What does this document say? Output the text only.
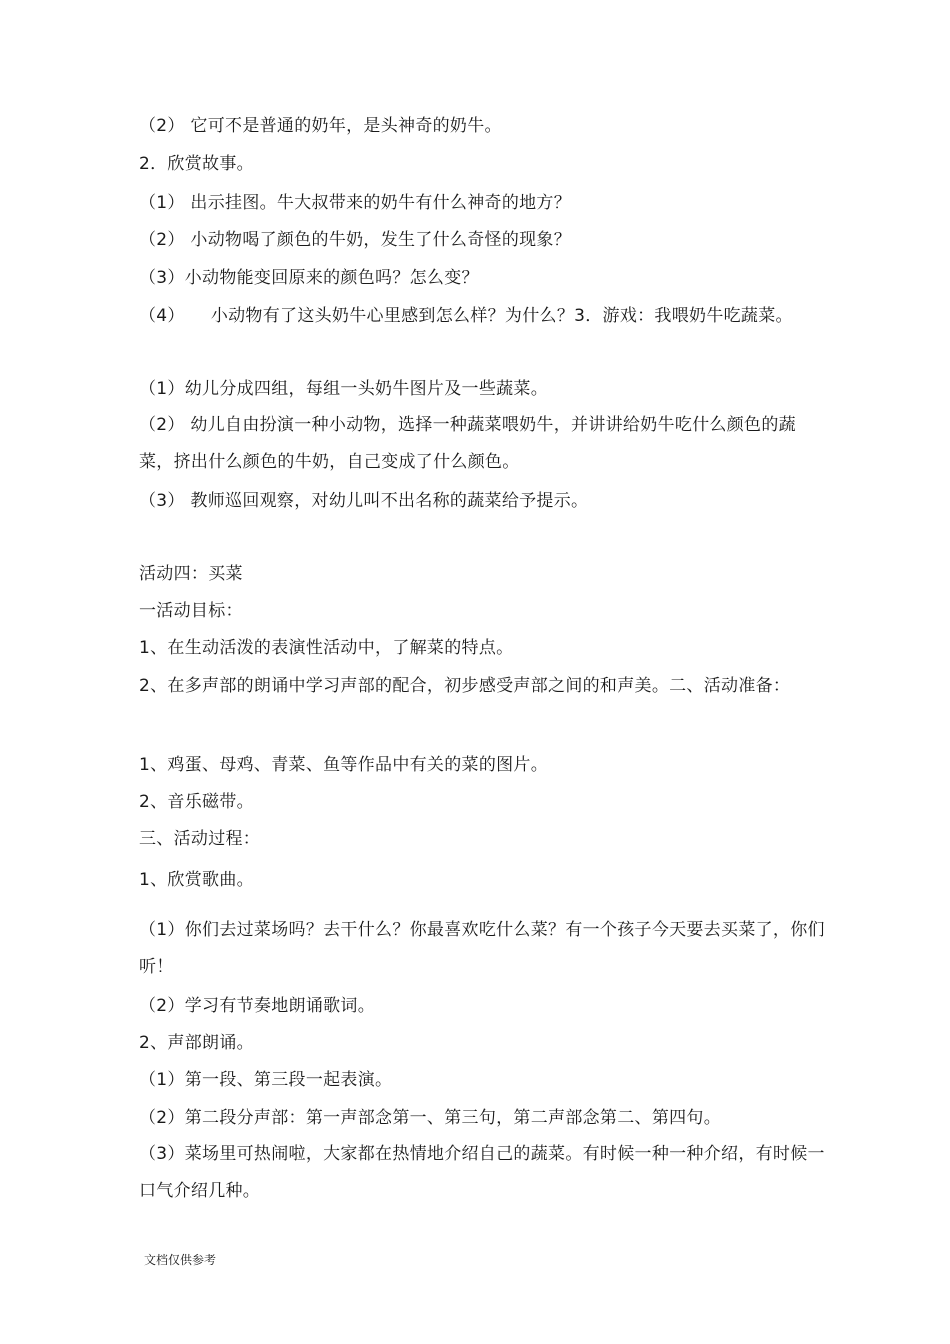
（2） 它可不是普通的奶年，是头神奇的奶牛。
2．欣赏故事。
（1） 出示挂图。牛大叔带来的奶牛有什么神奇的地方？
（2） 小动物喝了颜色的牛奶，发生了什么奇怪的现象？
（3）小动物能变回原来的颜色吗？怎么变？
（4）　　小动物有了这头奶牛心里感到怎么样？为什么？3．游戏：我喂奶牛吃蔬菜。
（1）幼儿分成四组，每组一头奶牛图片及一些蔬菜。
（2） 幼儿自由扮演一种小动物，选择一种蔬菜喂奶牛，并讲讲给奶牛吃什么颜色的蔬菜，挤出什么颜色的牛奶，自己变成了什么颜色。
（3） 教师巡回观察，对幼儿叫不出名称的蔬菜给予提示。
活动四：买菜
一活动目标：
1、在生动活泼的表演性活动中，了解菜的特点。
2、在多声部的朗诵中学习声部的配合，初步感受声部之间的和声美。二、活动准备：
1、鸡蛋、母鸡、青菜、鱼等作品中有关的菜的图片。
2、音乐磁带。
三、活动过程：
1、欣赏歌曲。
（1）你们去过菜场吗？去干什么？你最喜欢吃什么菜？有一个孩子今天要去买菜了，你们听！
（2）学习有节奏地朗诵歌词。
2、声部朗诵。
（1）第一段、第三段一起表演。
（2）第二段分声部：第一声部念第一、第三句，第二声部念第二、第四句。
（3）菜场里可热闹啦，大家都在热情地介绍自己的蔬菜。有时候一种一种介绍，有时候一口气介绍几种。
文档仅供参考
